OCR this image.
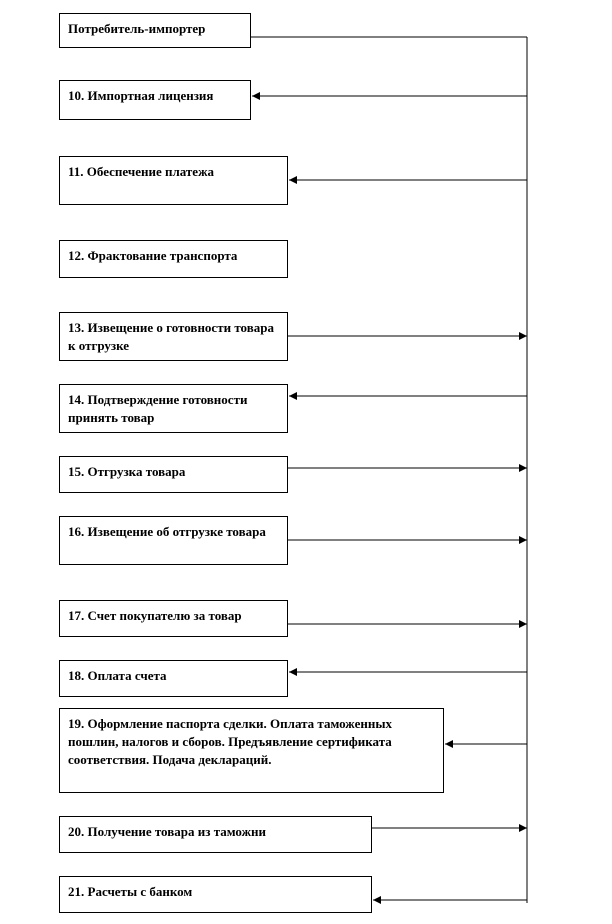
Потребитель-импортер
10. Импортная лицензия
11. Обеспечение платежа
12. Фрактование транспорта
13. Извещение о готовности товара к отгрузке
14. Подтверждение готовности принять товар
15. Отгрузка товара
16. Извещение об отгрузке товара
17. Счет покупателю за товар
18. Оплата счета
19. Оформление паспорта сделки. Оплата таможенных пошлин, налогов и сборов. Предъявление сертификата соответствия. Подача деклараций.
20. Получение товара из таможни
21. Расчеты с банком
